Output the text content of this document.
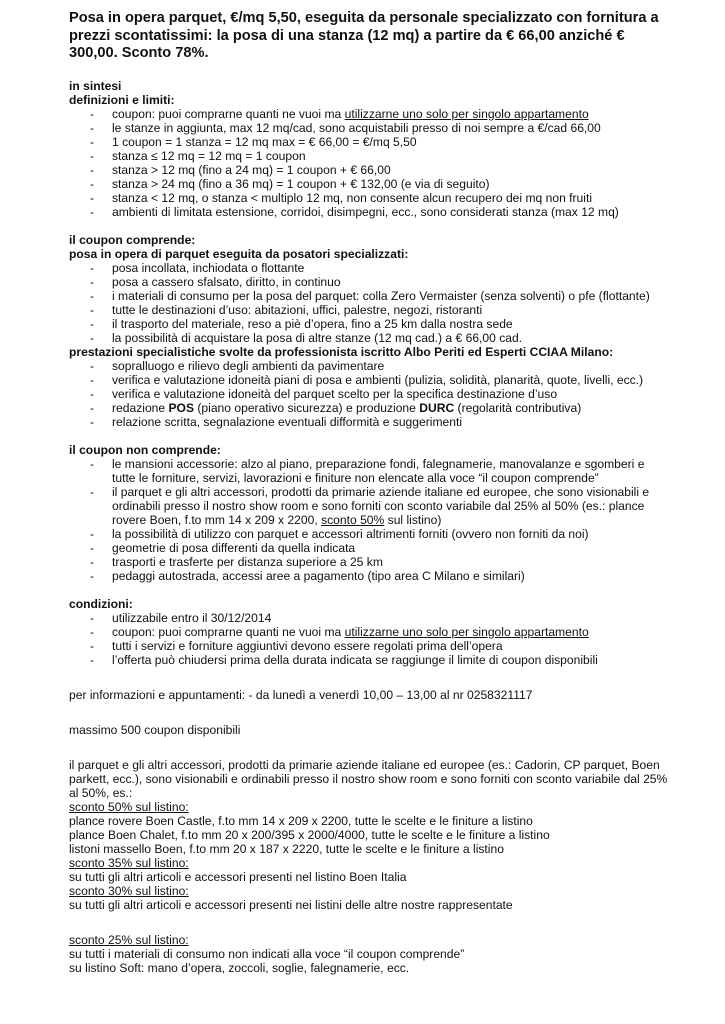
Posa in opera parquet, €/mq 5,50, eseguita da personale specializzato con fornitura a prezzi scontatissimi: la posa di una stanza (12 mq) a partire da € 66,00 anziché € 300,00. Sconto 78%.
in sintesi
definizioni e limiti:
- coupon: puoi comprarne quanti ne vuoi ma utilizzarne uno solo per singolo appartamento
- le stanze in aggiunta, max 12 mq/cad, sono acquistabili presso di noi sempre a €/cad 66,00
- 1 coupon = 1 stanza = 12 mq max = € 66,00 = €/mq 5,50
- stanza ≤ 12 mq = 12 mq = 1 coupon
- stanza > 12 mq (fino a 24 mq) = 1 coupon + € 66,00
- stanza > 24 mq (fino a 36 mq) = 1 coupon + € 132,00 (e via di seguito)
- stanza < 12 mq, o stanza < multiplo 12 mq, non consente alcun recupero dei mq non fruiti
- ambienti di limitata estensione, corridoi, disimpegni, ecc., sono considerati stanza (max 12 mq)
il coupon comprende:
posa in opera di parquet eseguita da posatori specializzati:
- posa incollata, inchiodata o flottante
- posa a cassero sfalsato, diritto, in continuo
- i materiali di consumo per la posa del parquet: colla Zero Vermaister (senza solventi) o pfe (flottante)
- tutte le destinazioni d’uso: abitazioni, uffici, palestre, negozi, ristoranti
- il trasporto del materiale, reso a piè d’opera, fino a 25 km dalla nostra sede
- la possibilità di acquistare la posa di altre stanze (12 mq cad.) a € 66,00 cad.
prestazioni specialistiche svolte da professionista iscritto Albo Periti ed Esperti CCIAA Milano:
- sopralluogo e rilievo degli ambienti da pavimentare
- verifica e valutazione idoneità piani di posa e ambienti (pulizia, solidità, planarità, quote, livelli, ecc.)
- verifica e valutazione idoneità del parquet scelto per la specifica destinazione d’uso
- redazione POS (piano operativo sicurezza) e produzione DURC (regolarità contributiva)
- relazione scritta, segnalazione eventuali difformità e suggerimenti
il coupon non comprende:
- le mansioni accessorie: alzo al piano, preparazione fondi, falegnamerie, manovalanze e sgomberi e tutte le forniture, servizi, lavorazioni e finiture non elencate alla voce “il coupon comprende”
- il parquet e gli altri accessori, prodotti da primarie aziende italiane ed europee, che sono visionabili e ordinabili presso il nostro show room e sono forniti con sconto variabile dal 25% al 50% (es.: plance rovere Boen, f.to mm 14 x 209 x 2200, sconto 50% sul listino)
- la possibilità di utilizzo con parquet e accessori altrimenti forniti (ovvero non forniti da noi)
- geometrie di posa differenti da quella indicata
- trasporti e trasferte per distanza superiore a 25 km
- pedaggi autostrada, accessi aree a pagamento (tipo area C Milano e similari)
condizioni:
- utilizzabile entro il 30/12/2014
- coupon: puoi comprarne quanti ne vuoi ma utilizzarne uno solo per singolo appartamento
- tutti i servizi e forniture aggiuntivi devono essere regolati prima dell’opera
- l’offerta può chiudersi prima della durata indicata se raggiunge il limite di coupon disponibili

per informazioni e appuntamenti: - da lunedì a venerdì 10,00 – 13,00 al nr 0258321117

massimo 500 coupon disponibili

il parquet e gli altri accessori, prodotti da primarie aziende italiane ed europee (es.: Cadorin, CP parquet, Boen parkett, ecc.), sono visionabili e ordinabili presso il nostro show room e sono forniti con sconto variabile dal 25% al 50%, es.:

sconto 50% sul listino:

plance rovere Boen Castle, f.to mm 14 x 209 x 2200, tutte le scelte e le finiture a listino

plance Boen Chalet, f.to mm 20 x 200/395 x 2000/4000, tutte le scelte e le finiture a listino

listoni massello Boen, f.to mm 20 x 187 x 2220, tutte le scelte e le finiture a listino

sconto 35% sul listino:

su tutti gli altri articoli e accessori presenti nel listino Boen Italia

sconto 30% sul listino:

su tutti gli altri articoli e accessori presenti nei listini delle altre nostre rappresentate

sconto 25% sul listino:

su tutti i materiali di consumo non indicati alla voce “il coupon comprende”

su listino Soft: mano d’opera, zoccoli, soglie, falegnamerie, ecc.
